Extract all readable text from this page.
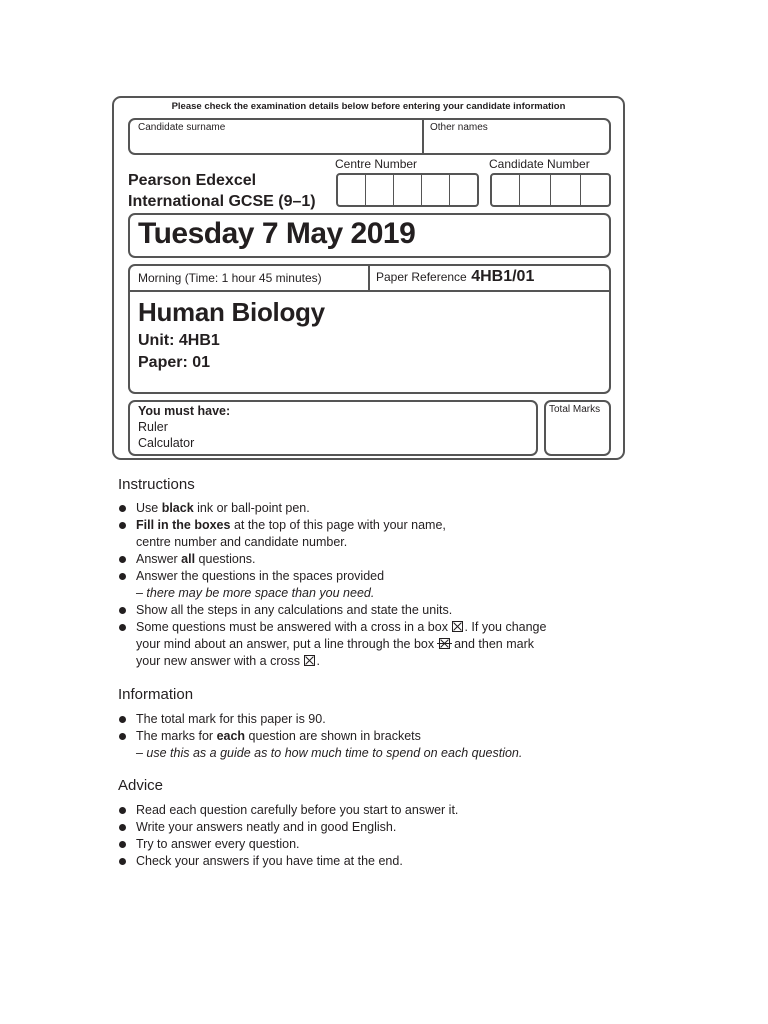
Please check the examination details below before entering your candidate information
Candidate surname	Other names
Pearson Edexcel
International GCSE (9–1)
Centre Number	Candidate Number
Tuesday 7 May 2019
Morning (Time: 1 hour 45 minutes)	Paper Reference 4HB1/01
Human Biology
Unit: 4HB1
Paper: 01
You must have:
Ruler
Calculator
Total Marks
Instructions
Use black ink or ball-point pen.
Fill in the boxes at the top of this page with your name,
centre number and candidate number.
Answer all questions.
Answer the questions in the spaces provided
– there may be more space than you need.
Show all the steps in any calculations and state the units.
Some questions must be answered with a cross in a box ☒. If you change
your mind about an answer, put a line through the box and then mark
your new answer with a cross ☒.
Information
The total mark for this paper is 90.
The marks for each question are shown in brackets
– use this as a guide as to how much time to spend on each question.
Advice
Read each question carefully before you start to answer it.
Write your answers neatly and in good English.
Try to answer every question.
Check your answers if you have time at the end.
